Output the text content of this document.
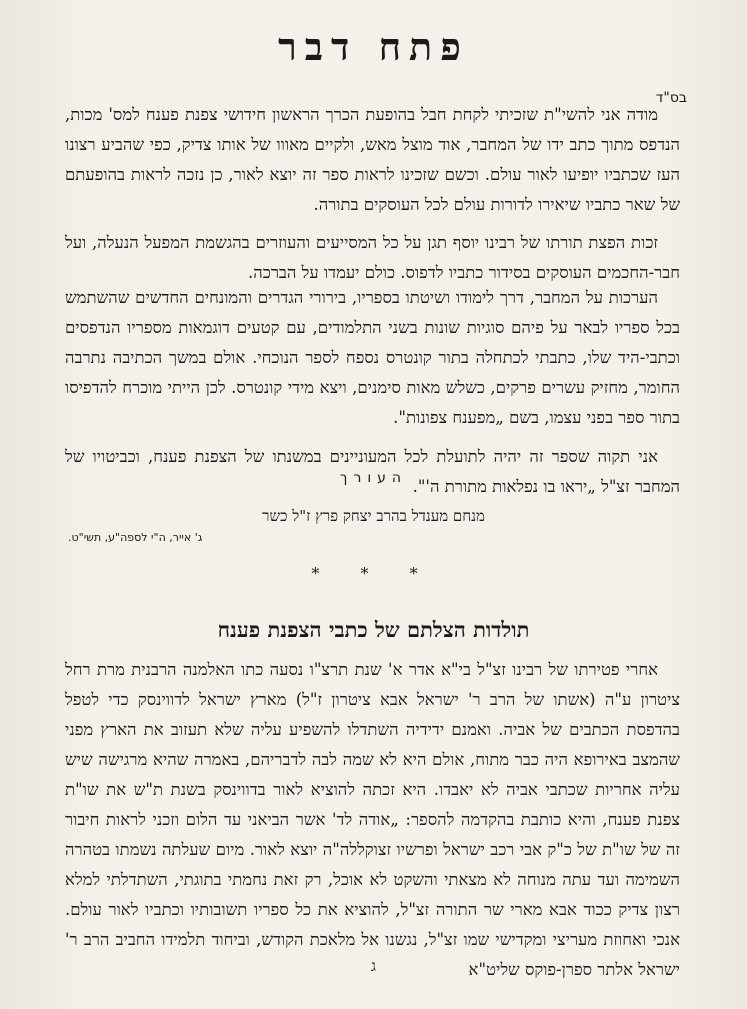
פתח דבר
בס"ד

מודה אני להשי"ת שזכיתי לקחת חבל בהופעת הכרך הראשון חידושי צפנת פענח למס' מכות, הנדפס מתוך כתב ידו של המחבר, אוד מוצל מאש, ולקיים מאווו של אותו צדיק, כפי שהביע רצונו העז שכתביו יופיעו לאור עולם. וכשם שזכינו לראות ספר זה יוצא לאור, כן נזכה לראות בהופעתם של שאר כתביו שיאירו לדורות עולם לכל העוסקים בתורה.

זכות הפצת תורתו של רבינו יוסף תגן על כל המסייעים והעוזרים בהגשמת המפעל הנעלה, ועל חבר-החכמים העוסקים בסידור כתביו לדפוס. כולם יעמדו על הברכה.

הערכות על המחבר, דרך לימודו ושיטתו בספריו, בירורי הגדרים והמונחים החדשים שהשתמש בכל ספריו לבאר על פיהם סוגיות שונות בשני התלמודים, עם קטעים דוגמאות מספריו הנדפסים וכתבי-היד שלו, כתבתי לכתחלה בתור קונטרס נספח לספר הנוכחי. אולם במשך הכתיבה נתרבה החומר, מחזיק עשרים פרקים, כשלש מאות סימנים, ויצא מידי קונטרס. לכן הייתי מוכרח להדפיסו בתור ספר בפני עצמו, בשם „מפענח צפונות".

אני תקוה שספר זה יהיה לתועלת לכל המעוניינים במשנתו של הצפנת פענח, וכביטויו של המחבר זצ"ל „יראו בו נפלאות מתורת ה'".

העורך
מנחם מענדל בהרב יצחק פרץ ז"ל כשר
ג' אייר, ה"י לספה"ע, תשי"ט.
* * *
תולדות הצלתם של כתבי הצפנת פענח

אחרי פטירתו של רבינו זצ"ל בי"א אדר א' שנת תרצ"ו נסעה כתו האלמנה הרבנית מרת רחל ציטרון ע"ה (אשתו של הרב ר' ישראל אבא ציטרון ז"ל) מארץ ישראל לדווינסק כדי לטפל בהדפסת הכתבים של אביה. ואמנם ידידיה השתדלו להשפיע עליה שלא תעזוב את הארץ מפני שהמצב באירופא היה כבר מתוח, אולם היא לא שמה לבה לדבריהם, באמרה שהיא מרגישה שיש עליה אחריות שכתבי אביה לא יאבדו. היא זכתה להוציא לאור בדווינסק בשנת ת"ש את שו"ת צפנת פענח, והיא כותבת בהקדמה להספר: „אודה לד' אשר הביאני עד הלום וזכני לראות חיבור זה של שו"ת של כ"ק אבי רכב ישראל ופרשיו זצוקללה"ה יוצא לאור. מיום שעלתה נשמתו בטהרה השמימה ועד עתה מנוחה לא מצאתי והשקט לא אוכל, רק זאת נחמתי בתוגתי, השתדלתי למלא רצון צדיק ככוד אבא מארי שר התורה זצ"ל, להוציא את כל ספריו תשובותיו וכתביו לאור עולם. אנכי ואחוזת מעריצי ומקדישי שמו זצ"ל, נגשנו אל מלאכת הקודש, וביחוד תלמידו החביב הרב ר' ישראל אלתר ספרן-פוקס שליט"א

ג
